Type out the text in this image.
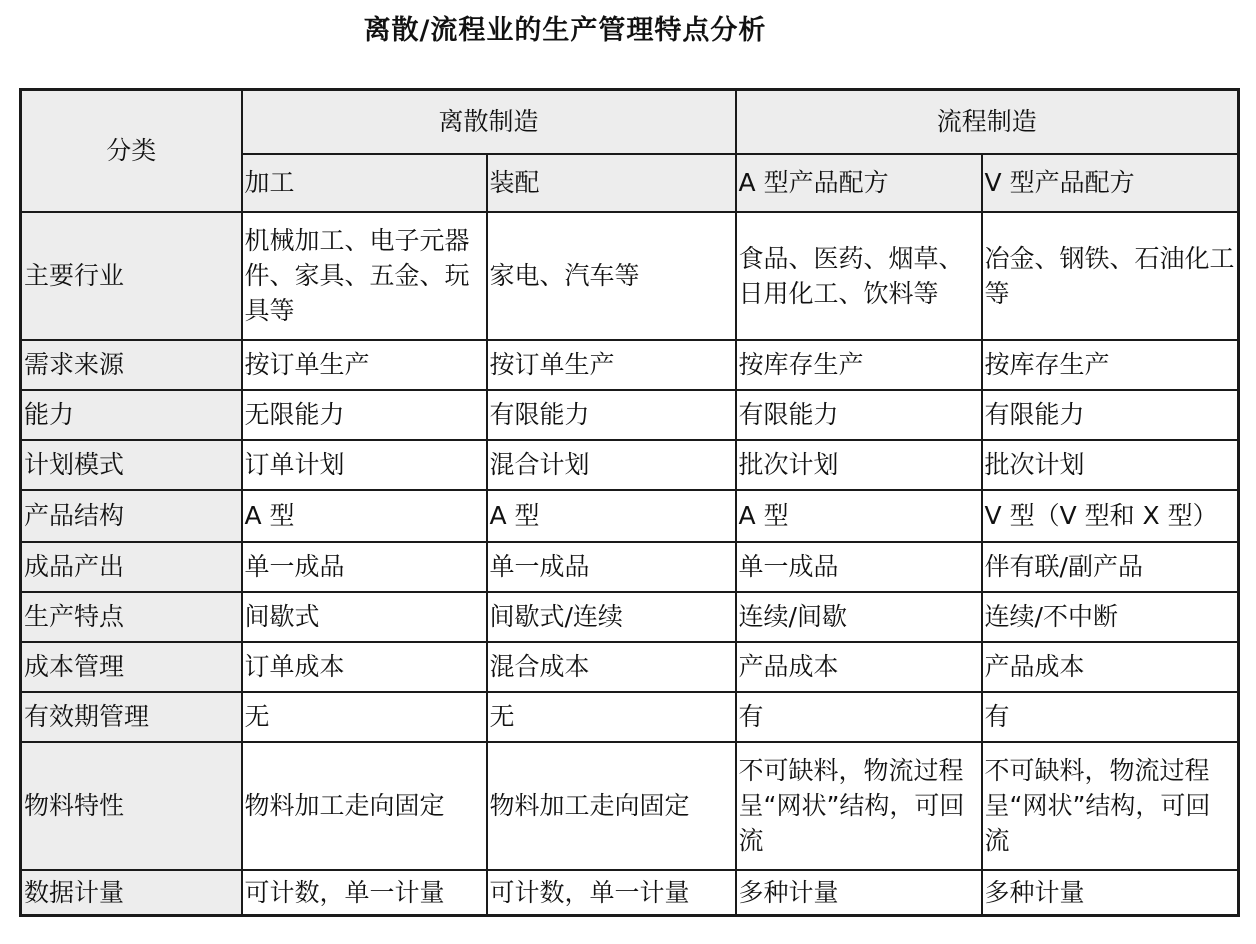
离散/流程业的生产管理特点分析
分类	离散制造		流程制造	
	加工	装配	A 型产品配方	V 型产品配方
主要行业	机械加工、电子元器件、家具、五金、玩具等	家电、汽车等	食品、医药、烟草、日用化工、饮料等	冶金、钢铁、石油化工等
需求来源	按订单生产	按订单生产	按库存生产	按库存生产
能力	无限能力	有限能力	有限能力	有限能力
计划模式	订单计划	混合计划	批次计划	批次计划
产品结构	A 型	A 型	A 型	V 型（V 型和 X 型）
成品产出	单一成品	单一成品	单一成品	伴有联/副产品
生产特点	间歇式	间歇式/连续	连续/间歇	连续/不中断
成本管理	订单成本	混合成本	产品成本	产品成本
有效期管理	无	无	有	有
物料特性	物料加工走向固定	物料加工走向固定	不可缺料，物流过程呈“网状”结构，可回流	不可缺料，物流过程呈“网状”结构，可回流
数据计量	可计数，单一计量	可计数，单一计量	多种计量	多种计量
